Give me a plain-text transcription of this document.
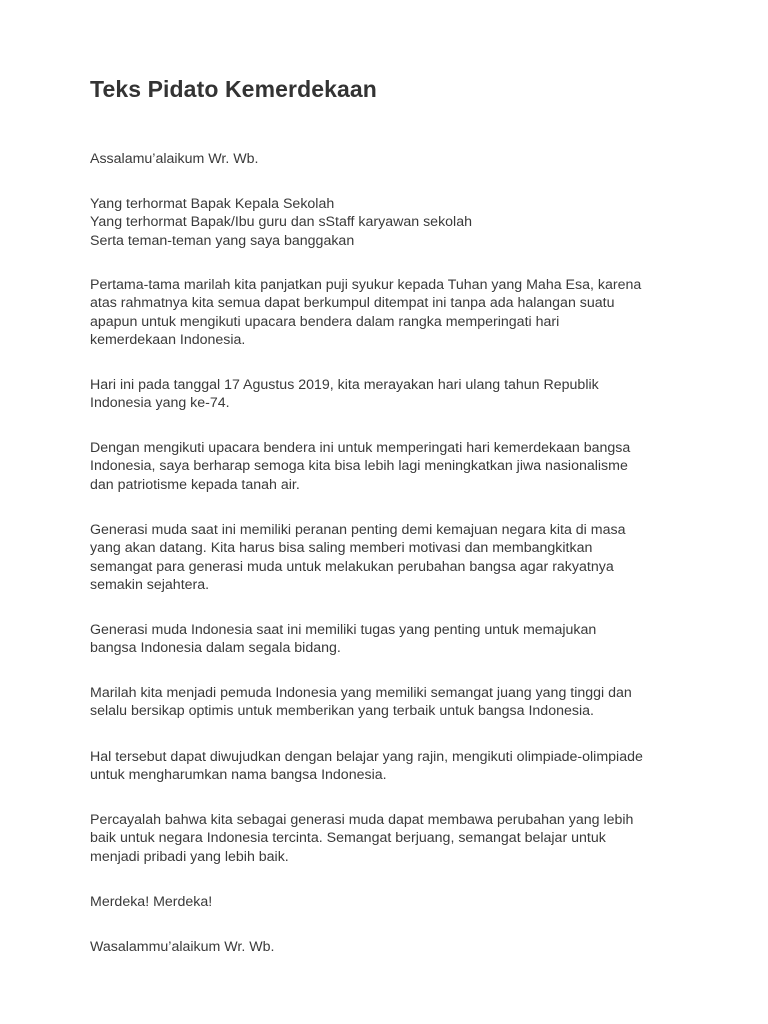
Teks Pidato Kemerdekaan

Assalamu’alaikum Wr. Wb.

Yang terhormat Bapak Kepala Sekolah
Yang terhormat Bapak/Ibu guru dan sStaff karyawan sekolah
Serta teman-teman yang saya banggakan

Pertama-tama marilah kita panjatkan puji syukur kepada Tuhan yang Maha Esa, karena
atas rahmatnya kita semua dapat berkumpul ditempat ini tanpa ada halangan suatu
apapun untuk mengikuti upacara bendera dalam rangka memperingati hari
kemerdekaan Indonesia.

Hari ini pada tanggal 17 Agustus 2019, kita merayakan hari ulang tahun Republik
Indonesia yang ke-74.

Dengan mengikuti upacara bendera ini untuk memperingati hari kemerdekaan bangsa
Indonesia, saya berharap semoga kita bisa lebih lagi meningkatkan jiwa nasionalisme
dan patriotisme kepada tanah air.

Generasi muda saat ini memiliki peranan penting demi kemajuan negara kita di masa
yang akan datang. Kita harus bisa saling memberi motivasi dan membangkitkan
semangat para generasi muda untuk melakukan perubahan bangsa agar rakyatnya
semakin sejahtera.

Generasi muda Indonesia saat ini memiliki tugas yang penting untuk memajukan
bangsa Indonesia dalam segala bidang.

Marilah kita menjadi pemuda Indonesia yang memiliki semangat juang yang tinggi dan
selalu bersikap optimis untuk memberikan yang terbaik untuk bangsa Indonesia.

Hal tersebut dapat diwujudkan dengan belajar yang rajin, mengikuti olimpiade-olimpiade
untuk mengharumkan nama bangsa Indonesia.

Percayalah bahwa kita sebagai generasi muda dapat membawa perubahan yang lebih
baik untuk negara Indonesia tercinta. Semangat berjuang, semangat belajar untuk
menjadi pribadi yang lebih baik.

Merdeka! Merdeka!

Wasalammu’alaikum Wr. Wb.
